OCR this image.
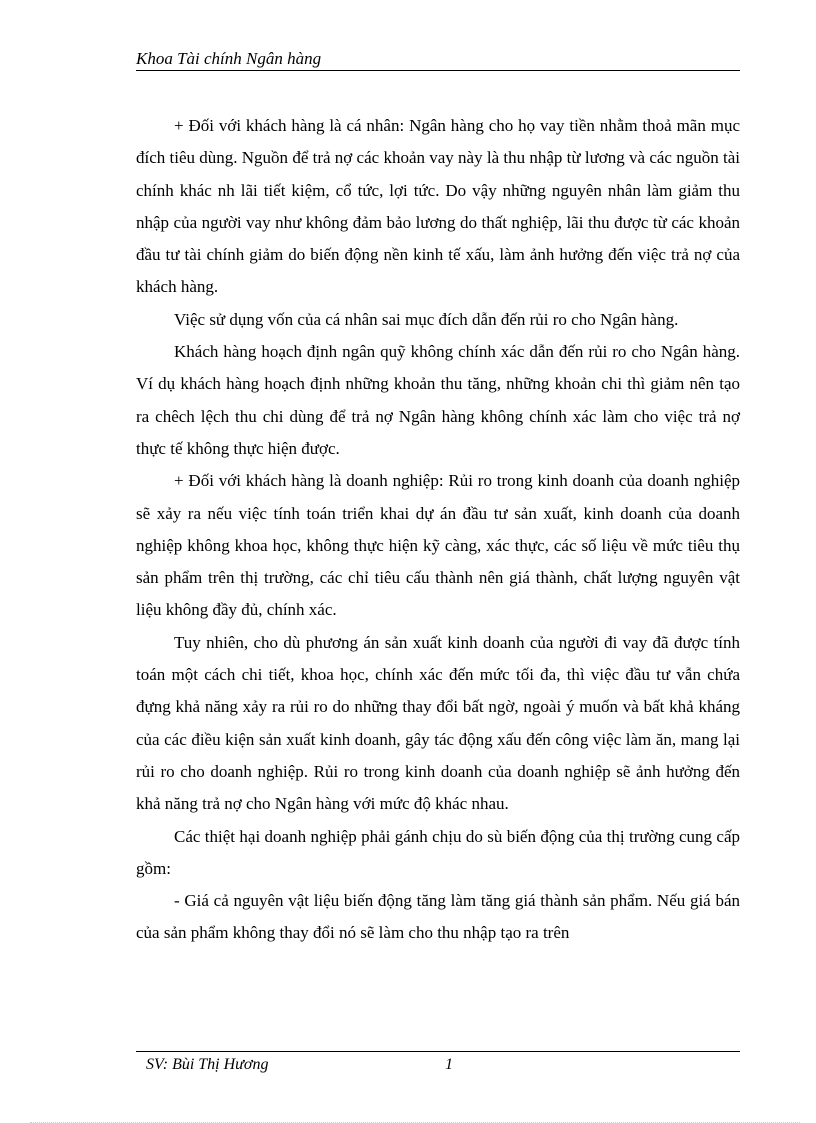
Khoa Tài chính Ngân hàng

+ Đối với khách hàng là cá nhân: Ngân hàng cho họ vay tiền nhằm thoả mãn mục đích tiêu dùng. Nguồn để trả nợ các khoản vay này là thu nhập từ lương và các nguồn tài chính khác nh lãi tiết kiệm, cổ tức, lợi tức. Do vậy những nguyên nhân làm giảm thu nhập của người vay như không đảm bảo lương do thất nghiệp, lãi thu được từ các khoản đầu tư tài chính giảm do biến động nền kinh tế xấu, làm ảnh hưởng đến việc trả nợ của khách hàng.

Việc sử dụng vốn của cá nhân sai mục đích dẫn đến rủi ro cho Ngân hàng.

Khách hàng hoạch định ngân quỹ không chính xác dẫn đến rủi ro cho Ngân hàng. Ví dụ khách hàng hoạch định những khoản thu tăng, những khoản chi thì giảm nên tạo ra chêch lệch thu chi dùng để trả nợ Ngân hàng không chính xác làm cho việc trả nợ thực tế không thực hiện được.

+ Đối với khách hàng là doanh nghiệp: Rủi ro trong kinh doanh của doanh nghiệp sẽ xảy ra nếu việc tính toán triển khai dự án đầu tư sản xuất, kinh doanh của doanh nghiệp không khoa học, không thực hiện kỹ càng, xác thực, các số liệu về mức tiêu thụ sản phẩm trên thị trường, các chỉ tiêu cấu thành nên giá thành, chất lượng nguyên vật liệu không đầy đủ, chính xác.

Tuy nhiên, cho dù phương án sản xuất kinh doanh của người đi vay đã được tính toán một cách chi tiết, khoa học, chính xác đến mức tối đa, thì việc đầu tư vẫn chứa đựng khả năng xảy ra rủi ro do những thay đổi bất ngờ, ngoài ý muốn và bất khả kháng của các điều kiện sản xuất kinh doanh, gây tác động xấu đến công việc làm ăn, mang lại rủi ro cho doanh nghiệp. Rủi ro trong kinh doanh của doanh nghiệp sẽ ảnh hưởng đến khả năng trả nợ cho Ngân hàng với mức độ khác nhau.

Các thiệt hại doanh nghiệp phải gánh chịu do sù biến động của thị trường cung cấp gồm:

- Giá cả nguyên vật liệu biến động tăng làm tăng giá thành sản phẩm. Nếu giá bán của sản phẩm không thay đổi nó sẽ làm cho thu nhập tạo ra trên

SV: Bùi Thị Hương	1
